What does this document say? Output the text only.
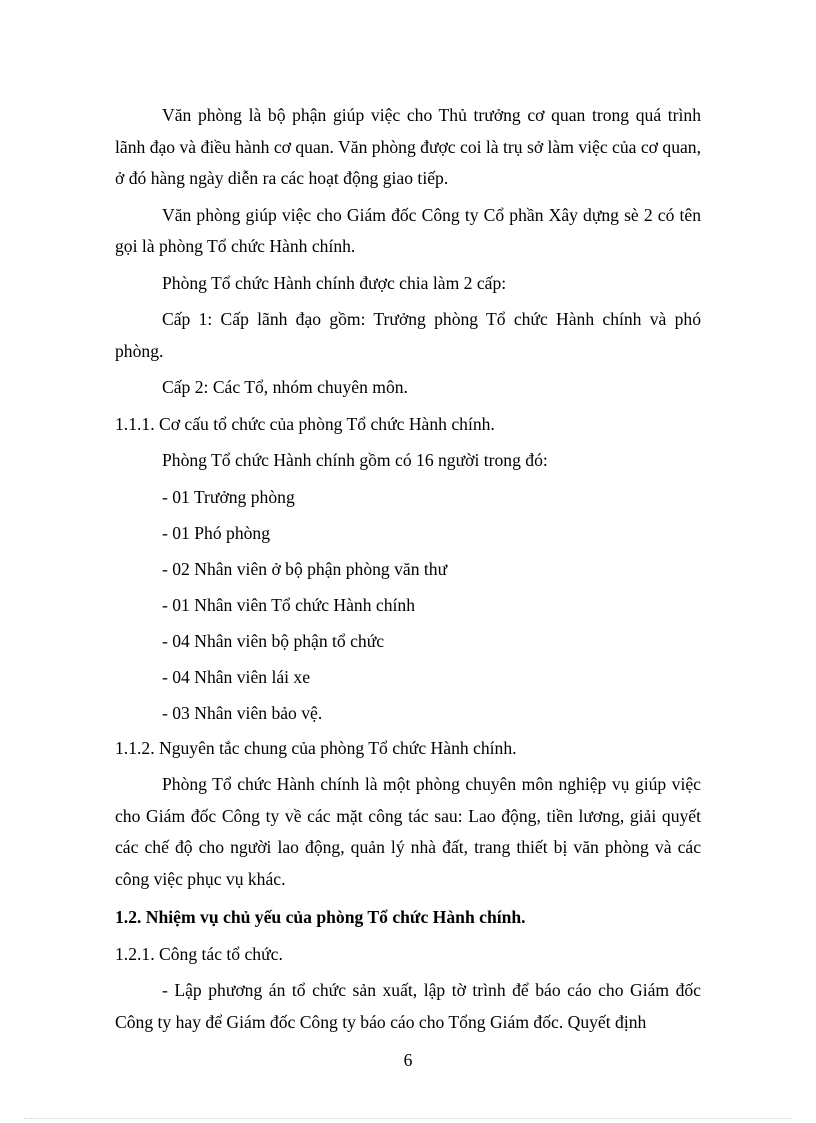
Văn phòng là bộ phận giúp việc cho Thủ trưởng cơ quan trong quá trình lãnh đạo và điều hành cơ quan. Văn phòng được coi là trụ sở làm việc của cơ quan, ở đó hàng ngày diễn ra các hoạt động giao tiếp.

Văn phòng giúp việc cho Giám đốc Công ty Cổ phần Xây dựng sè 2 có tên gọi là phòng Tổ chức Hành chính.

Phòng Tổ chức Hành chính được chia làm 2 cấp:

Cấp 1: Cấp lãnh đạo gồm: Trưởng phòng Tổ chức Hành chính và phó phòng.

Cấp 2: Các Tổ, nhóm chuyên môn.

1.1.1. Cơ cấu tổ chức của phòng Tổ chức Hành chính.

Phòng Tổ chức Hành chính gồm có 16 người trong đó:

- 01 Trưởng phòng

- 01 Phó phòng

- 02 Nhân viên ở bộ phận phòng văn thư

- 01 Nhân viên Tổ chức Hành chính

- 04 Nhân viên bộ phận tổ chức

- 04 Nhân viên lái xe

- 03 Nhân viên bảo vệ.

1.1.2. Nguyên tắc chung của phòng Tổ chức Hành chính.

Phòng Tổ chức Hành chính là một phòng chuyên môn nghiệp vụ giúp việc cho Giám đốc Công ty về các mặt công tác sau: Lao động, tiền lương, giải quyết các chế độ cho người lao động, quản lý nhà đất, trang thiết bị văn phòng và các công việc phục vụ khác.

1.2. Nhiệm vụ chủ yếu của phòng Tổ chức Hành chính.

1.2.1. Công tác tổ chức.

- Lập phương án tổ chức sản xuất, lập tờ trình để báo cáo cho Giám đốc Công ty hay để Giám đốc Công ty báo cáo cho Tổng Giám đốc. Quyết định

6
